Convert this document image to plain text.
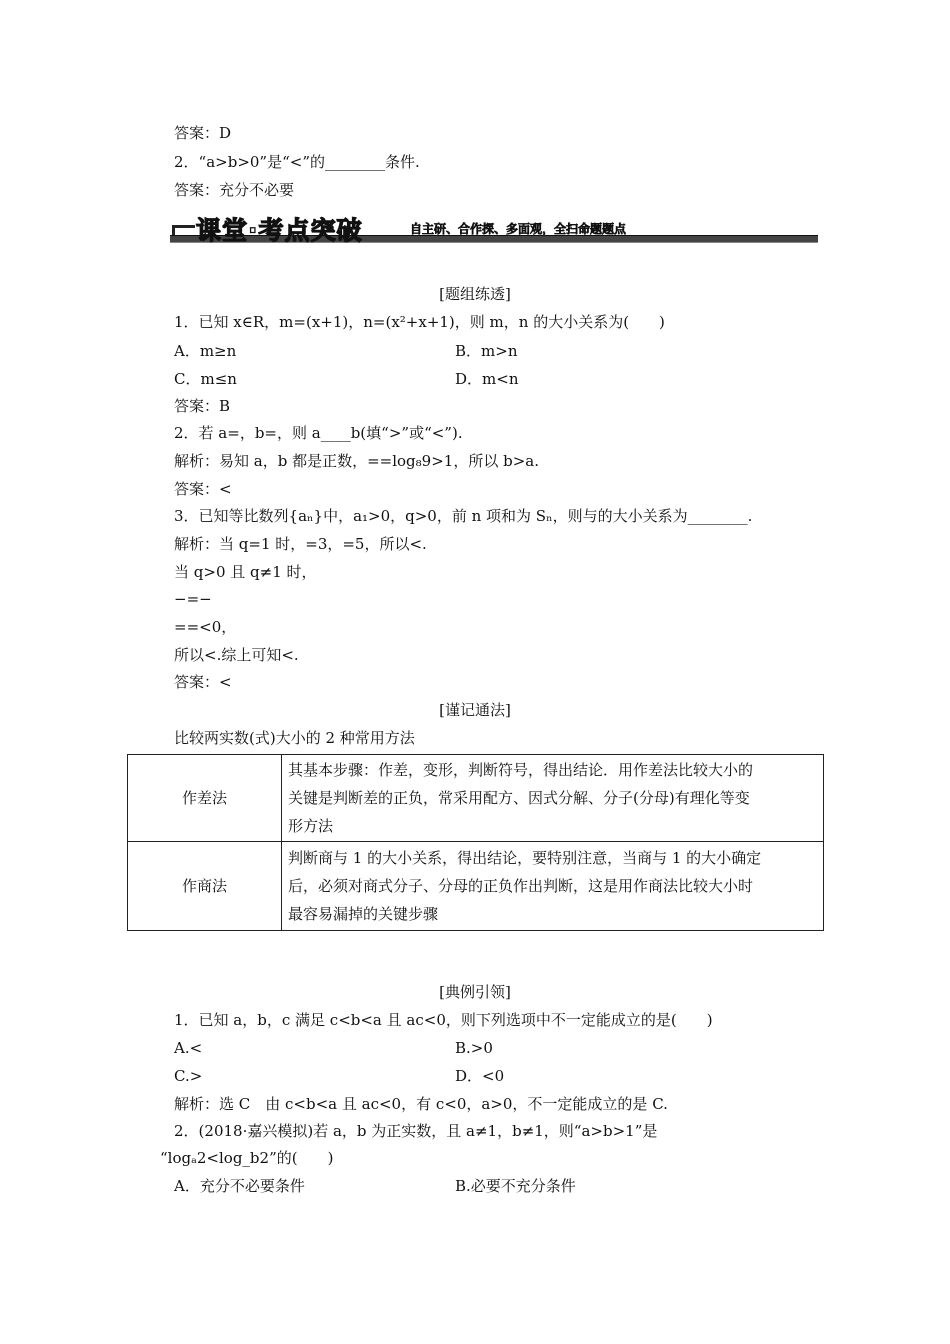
答案：D
2．“a>b>0”是“<”的________条件.
答案：充分不必要
课堂·考点突破	自主研、合作探、多面观，全扫命题题点
[题组练透]
1．已知 x∈R，m=(x+1)，n=(x²+x+1)，则 m，n 的大小关系为(　　)
A．m≥n	B．m>n
C．m≤n	D．m<n
答案：B
2．若 a=，b=，则 a____b(填“>”或“<”).
解析：易知 a，b 都是正数，==log₈9>1，所以 b>a.
答案：<
3．已知等比数列{aₙ}中，a₁>0，q>0，前 n 项和为 Sₙ，则与的大小关系为________.
解析：当 q=1 时，=3，=5，所以<.
当 q>0 且 q≠1 时，
−=−
==<0，
所以<.综上可知<.
答案：<
[谨记通法]
比较两实数(式)大小的 2 种常用方法
作差法	其基本步骤：作差，变形，判断符号，得出结论．用作差法比较大小的
关键是判断差的正负，常采用配方、因式分解、分子(分母)有理化等变
形方法

作商法	判断商与 1 的大小关系，得出结论，要特别注意，当商与 1 的大小确定
后，必须对商式分子、分母的正负作出判断，这是用作商法比较大小时
最容易漏掉的关键步骤
[典例引领]
1．已知 a，b，c 满足 c<b<a 且 ac<0，则下列选项中不一定能成立的是(　　)
A.<	B.>0
C.>	D．<0
解析：选 C　由 c<b<a 且 ac<0，有 c<0，a>0，不一定能成立的是 C.
2．(2018·嘉兴模拟)若 a，b 为正实数，且 a≠1，b≠1，则“a>b>1”是
“logₐ2<log_b2”的(　　)
A．充分不必要条件	B.必要不充分条件
